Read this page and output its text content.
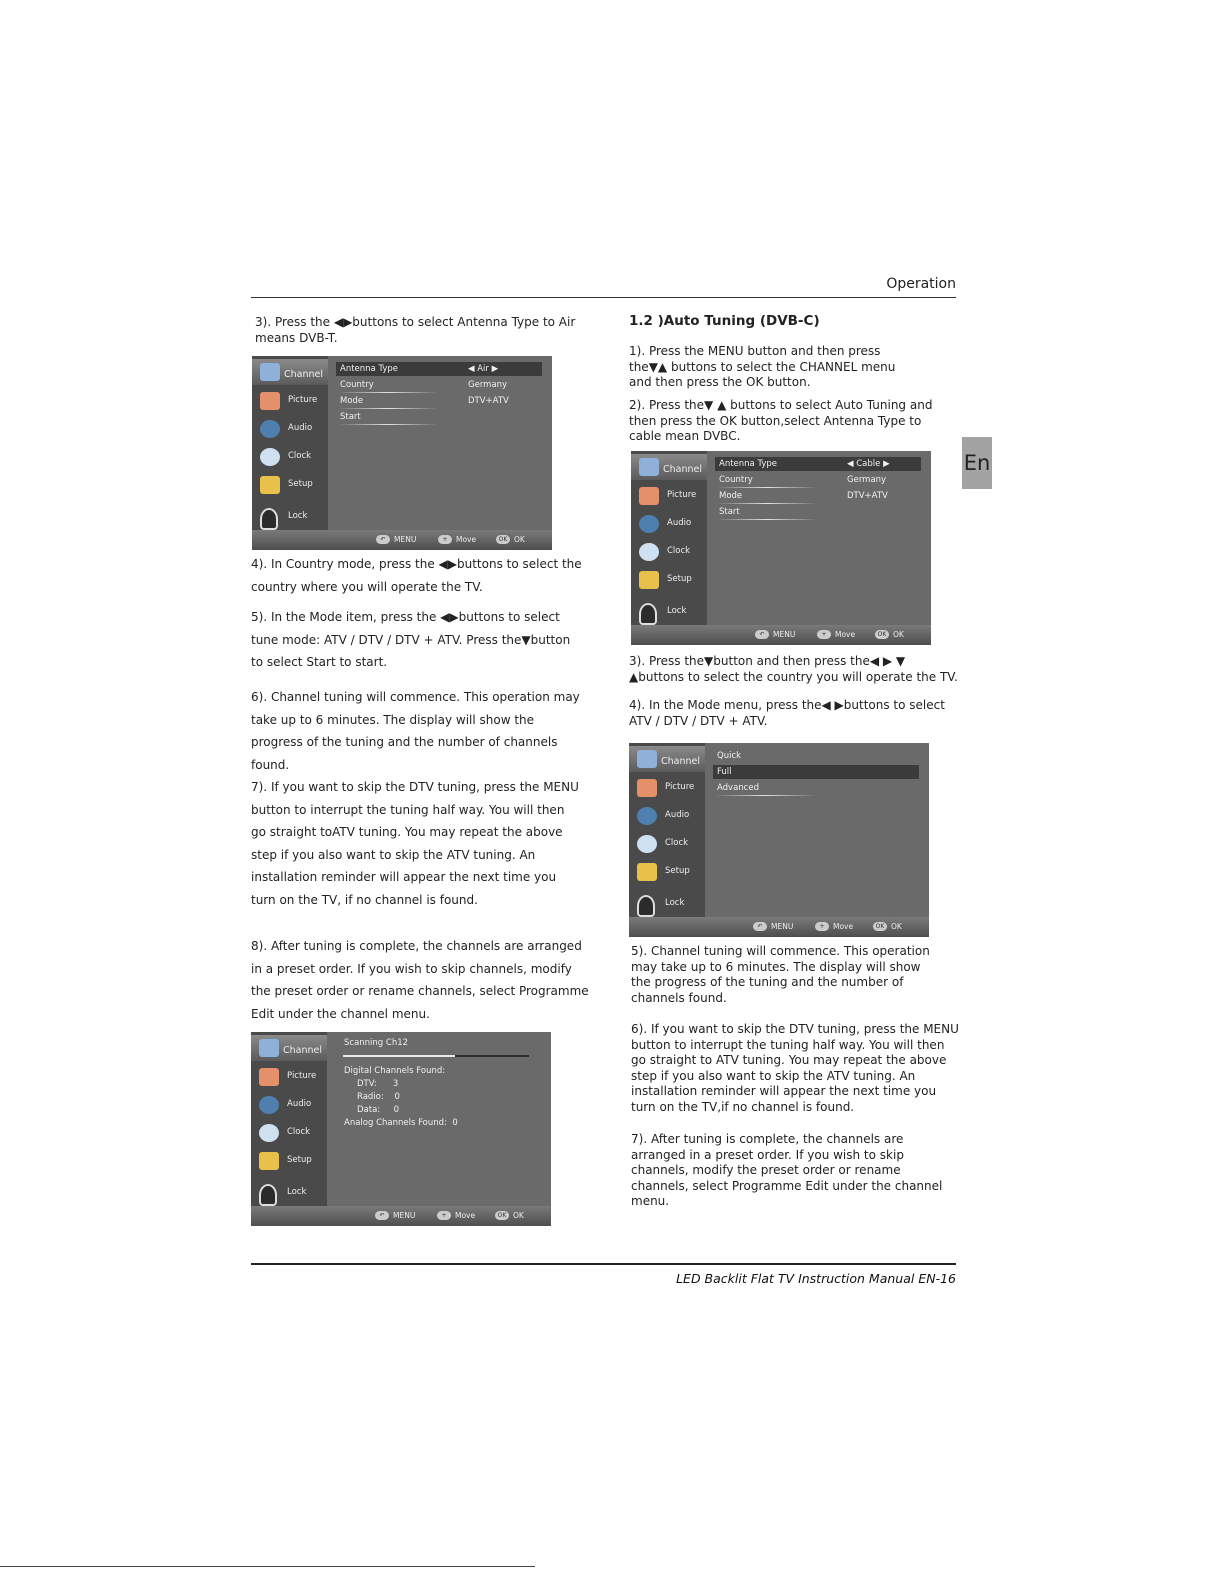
Operation
En
LED Backlit Flat TV Instruction Manual EN-16
3). Press the ◀▶buttons to select Antenna Type to Air means DVB-T.
Channel
Picture
Audio
Clock
Setup
Lock
↶	MENU	+	Move	OK OK
Antenna Type	◀ Air ▶
Country	Germany
Mode	DTV+ATV
Start
4). In Country mode, press the ◀▶buttons to select the country where you will operate the TV.
5). In the Mode item, press the ◀▶buttons to select tune mode: ATV / DTV / DTV + ATV. Press the▼button to select Start to start.
6). Channel tuning will commence. This operation may take up to 6 minutes. The display will show the progress of the tuning and the number of channels found.
7). If you want to skip the DTV tuning, press the MENU button to interrupt the tuning half way. You will then go straight toATV tuning. You may repeat the above step if you also want to skip the ATV tuning. An installation reminder will appear the next time you turn on the TV, if no channel is found.
8). After tuning is complete, the channels are arranged in a preset order. If you wish to skip channels, modify the preset order or rename channels, select Programme Edit under the channel menu.
Channel
Picture
Audio
Clock
Setup
Lock
↶	MENU	+	Move	OK OK
Scanning Ch12
Digital Channels Found:
DTV:      3
Radio:    0
Data:     0
Analog Channels Found:  0
1.2 )Auto Tuning (DVB-C)
1). Press the MENU button and then press the▼▲ buttons to select the CHANNEL menu and then press the OK button.
2). Press the▼ ▲ buttons to select Auto Tuning and then press the OK button,select Antenna Type to cable mean DVBC.
Channel
Picture
Audio
Clock
Setup
Lock
↶	MENU	+	Move	OK OK
Antenna Type	◀ Cable ▶
Country	Germany
Mode	DTV+ATV
Start
3). Press the▼button and then press the◀ ▶ ▼ ▲buttons to select the country you will operate the TV.
4). In the Mode menu, press the◀ ▶buttons to select ATV / DTV / DTV + ATV.
Channel
Picture
Audio
Clock
Setup
Lock
↶	MENU	+	Move	OK OK
Quick
Full
Advanced
5). Channel tuning will commence. This operation may take up to 6 minutes. The display will show the progress of the tuning and the number of channels found.
6). If you want to skip the DTV tuning, press the MENU button to interrupt the tuning half way. You will then go straight to ATV tuning. You may repeat the above step if you also want to skip the ATV tuning. An installation reminder will appear the next time you turn on the TV,if no channel is found.
7). After tuning is complete, the channels are arranged in a preset order. If you wish to skip channels, modify the preset order or rename channels, select Programme Edit under the channel menu.
